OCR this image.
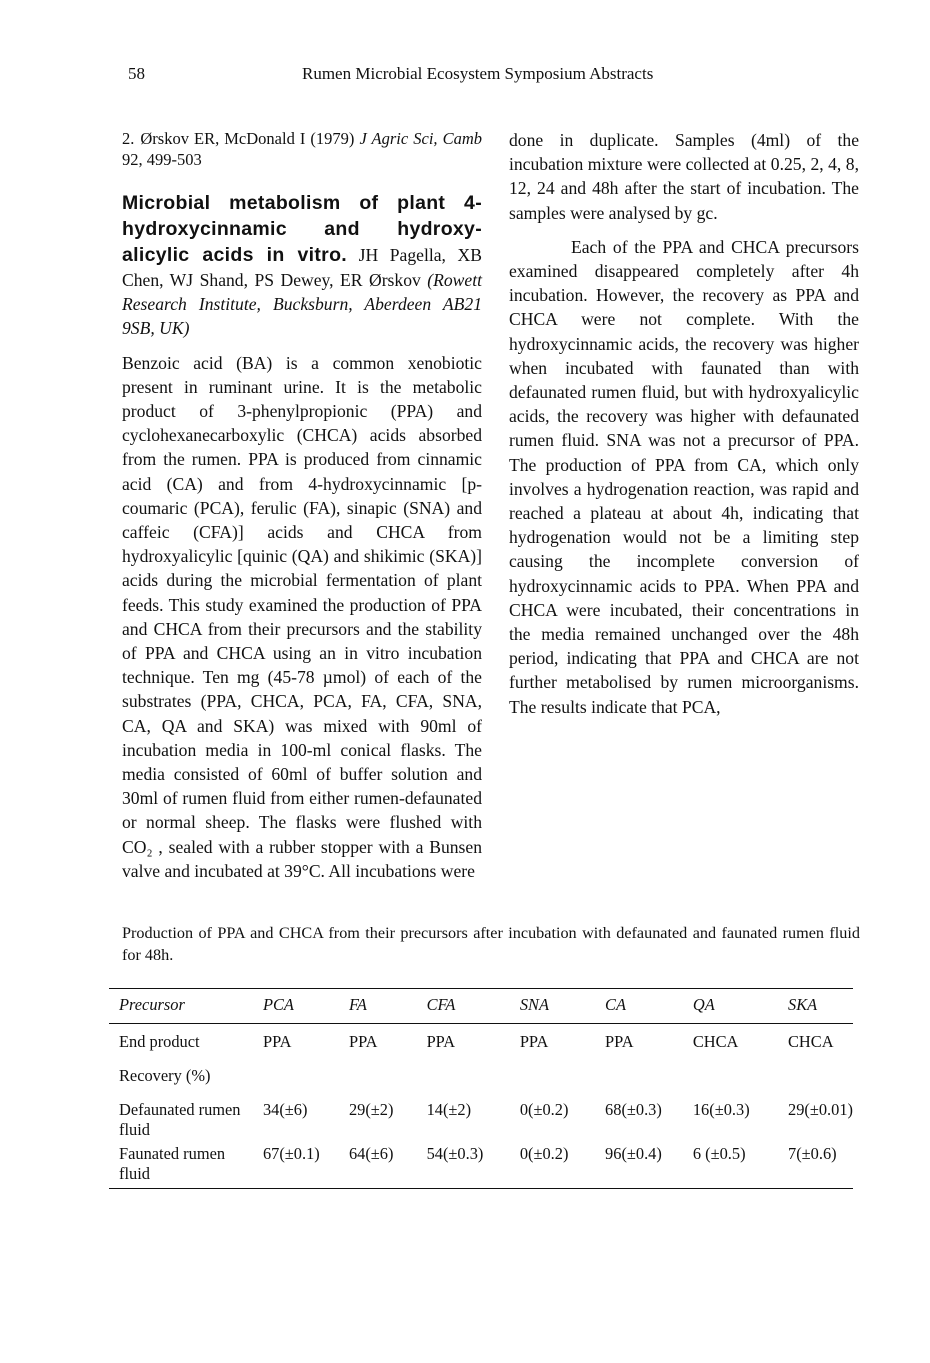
58	Rumen Microbial Ecosystem Symposium Abstracts

2. Ørskov ER, McDonald I (1979) J Agric Sci, Camb 92, 499-503

Microbial metabolism of plant 4-hydroxycinnamic and hydroxy-alicylic acids in vitro. JH Pagella, XB Chen, WJ Shand, PS Dewey, ER Ørskov (Rowett Research Institute, Bucksburn, Aberdeen AB21 9SB, UK)

Benzoic acid (BA) is a common xenobiotic present in ruminant urine. It is the metabolic product of 3-phenylpropionic (PPA) and cyclohexanecarboxylic (CHCA) acids absorbed from the rumen. PPA is produced from cinnamic acid (CA) and from 4-hydroxycinnamic [p-coumaric (PCA), ferulic (FA), sinapic (SNA) and caffeic (CFA)] acids and CHCA from hydroxyalicylic [quinic (QA) and shikimic (SKA)] acids during the microbial fermentation of plant feeds. This study examined the production of PPA and CHCA from their precursors and the stability of PPA and CHCA using an in vitro incubation technique. Ten mg (45-78 µmol) of each of the substrates (PPA, CHCA, PCA, FA, CFA, SNA, CA, QA and SKA) was mixed with 90ml of incubation media in 100-ml conical flasks. The media consisted of 60ml of buffer solution and 30ml of rumen fluid from either rumen-defaunated or normal sheep. The flasks were flushed with CO₂ , sealed with a rubber stopper with a Bunsen valve and incubated at 39°C. All incubations were

Production of PPA and CHCA from their precursors after incubation with defaunated and faunated rumen fluid for 48h.
Precursor	PCA	FA	CFA	SNA	CA	QA	SKA
End product	PPA	PPA	PPA	PPA	PPA	CHCA	CHCA
Recovery (%)							
Defaunated rumen fluid	34(±6)	29(±2)	14(±2)	0(±0.2)	68(±0.3)	16(±0.3)	29(±0.01)
Faunated rumen fluid	67(±0.1)	64(±6)	54(±0.3)	0(±0.2)	96(±0.4)	6 (±0.5)	7(±0.6)

done in duplicate. Samples (4ml) of the incubation mixture were collected at 0.25, 2, 4, 8, 12, 24 and 48h after the start of incubation. The samples were analysed by gc.

Each of the PPA and CHCA precursors examined disappeared completely after 4h incubation. However, the recovery as PPA and CHCA were not complete. With the hydroxycinnamic acids, the recovery was higher when incubated with faunated than with defaunated rumen fluid, but with hydroxyalicylic acids, the recovery was higher with defaunated rumen fluid. SNA was not a precursor of PPA. The production of PPA from CA, which only involves a hydrogenation reaction, was rapid and reached a plateau at about 4h, indicating that hydrogenation would not be a limiting step causing the incomplete conversion of hydroxycinnamic acids to PPA. When PPA and CHCA were incubated, their concentrations in the media remained unchanged over the 48h period, indicating that PPA and CHCA are not further metabolised by rumen microorganisms. The results indicate that PCA,
